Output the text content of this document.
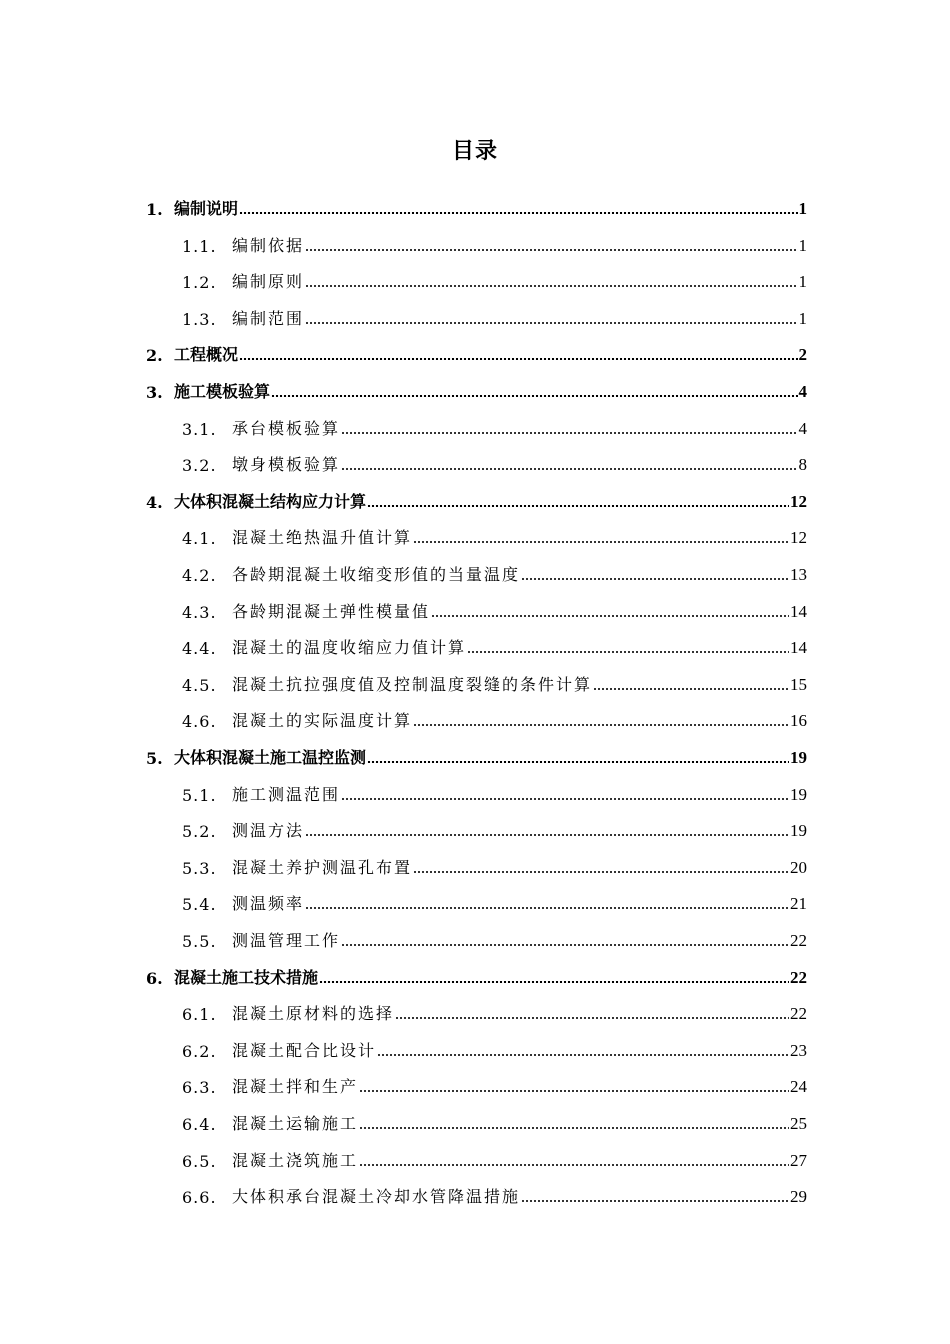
目录
1. 编制说明	1
1.1. 编制依据	1
1.2. 编制原则	1
1.3. 编制范围	1
2. 工程概况	2
3. 施工模板验算	4
3.1. 承台模板验算	4
3.2. 墩身模板验算	8
4. 大体积混凝土结构应力计算	12
4.1. 混凝土绝热温升值计算	12
4.2. 各龄期混凝土收缩变形值的当量温度	13
4.3. 各龄期混凝土弹性模量值	14
4.4. 混凝土的温度收缩应力值计算	14
4.5. 混凝土抗拉强度值及控制温度裂缝的条件计算	15
4.6. 混凝土的实际温度计算	16
5. 大体积混凝土施工温控监测	19
5.1. 施工测温范围	19
5.2. 测温方法	19
5.3. 混凝土养护测温孔布置	20
5.4. 测温频率	21
5.5. 测温管理工作	22
6. 混凝土施工技术措施	22
6.1. 混凝土原材料的选择	22
6.2. 混凝土配合比设计	23
6.3. 混凝土拌和生产	24
6.4. 混凝土运输施工	25
6.5. 混凝土浇筑施工	27
6.6. 大体积承台混凝土冷却水管降温措施	29
